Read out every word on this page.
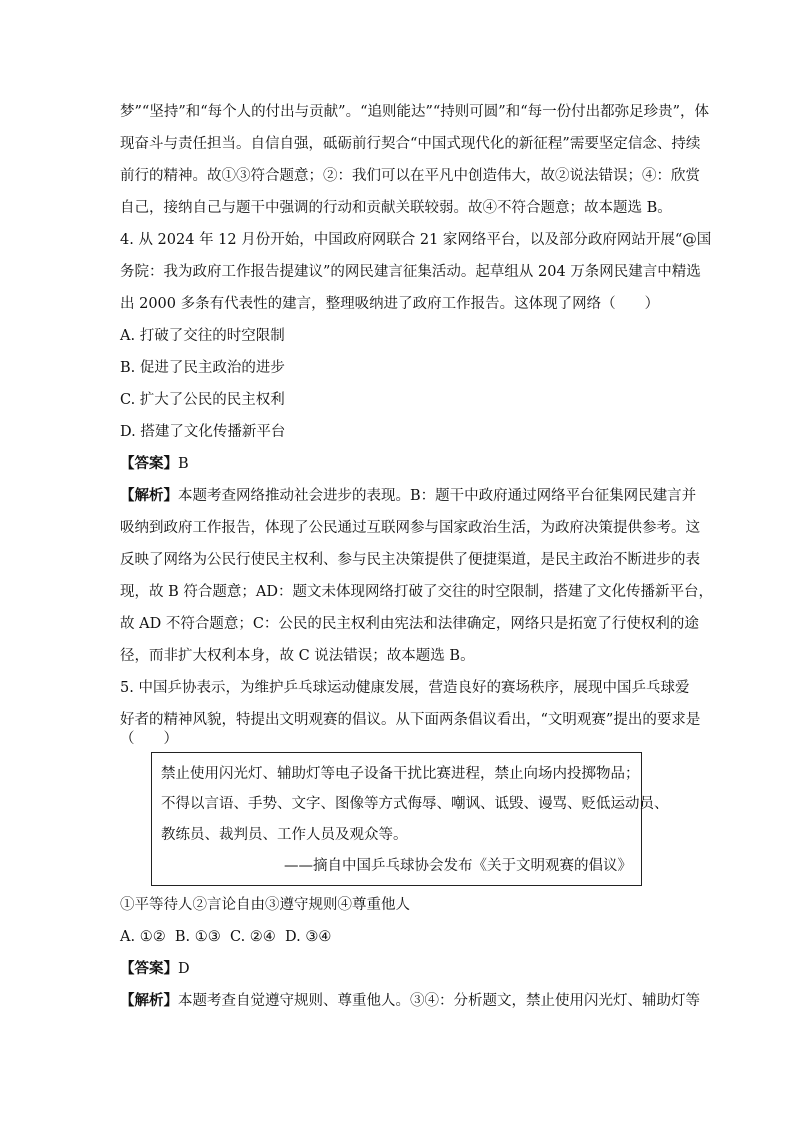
梦”“坚持”和“每个人的付出与贡献”。“追则能达”“持则可圆”和“每一份付出都弥足珍贵”，体
现奋斗与责任担当。自信自强，砥砺前行契合“中国式现代化的新征程”需要坚定信念、持续
前行的精神。故①③符合题意；②：我们可以在平凡中创造伟大，故②说法错误；④：欣赏
自己，接纳自己与题干中强调的行动和贡献关联较弱。故④不符合题意；故本题选 B。
4. 从 2024 年 12 月份开始，中国政府网联合 21 家网络平台，以及部分政府网站开展“@国
务院：我为政府工作报告提建议”的网民建言征集活动。起草组从 204 万条网民建言中精选
出 2000 多条有代表性的建言，整理吸纳进了政府工作报告。这体现了网络（　　）
A. 打破了交往的时空限制
B. 促进了民主政治的进步
C. 扩大了公民的民主权利
D. 搭建了文化传播新平台
【答案】B
【解析】本题考查网络推动社会进步的表现。B：题干中政府通过网络平台征集网民建言并
吸纳到政府工作报告，体现了公民通过互联网参与国家政治生活，为政府决策提供参考。这
反映了网络为公民行使民主权利、参与民主决策提供了便捷渠道，是民主政治不断进步的表
现，故 B 符合题意；AD：题文未体现网络打破了交往的时空限制，搭建了文化传播新平台，
故 AD 不符合题意；C：公民的民主权利由宪法和法律确定，网络只是拓宽了行使权利的途
径，而非扩大权利本身，故 C 说法错误；故本题选 B。
5. 中国乒协表示，为维护乒乓球运动健康发展，营造良好的赛场秩序，展现中国乒乓球爱
好者的精神风貌，特提出文明观赛的倡议。从下面两条倡议看出，“文明观赛”提出的要求是
（　　）
禁止使用闪光灯、辅助灯等电子设备干扰比赛进程，禁止向场内投掷物品；
不得以言语、手势、文字、图像等方式侮辱、嘲讽、诋毁、谩骂、贬低运动员、
教练员、裁判员、工作人员及观众等。
——摘自中国乒乓球协会发布《关于文明观赛的倡议》
①平等待人②言论自由③遵守规则④尊重他人
A. ①②  B. ①③  C. ②④  D. ③④
【答案】D
【解析】本题考查自觉遵守规则、尊重他人。③④：分析题文，禁止使用闪光灯、辅助灯等
